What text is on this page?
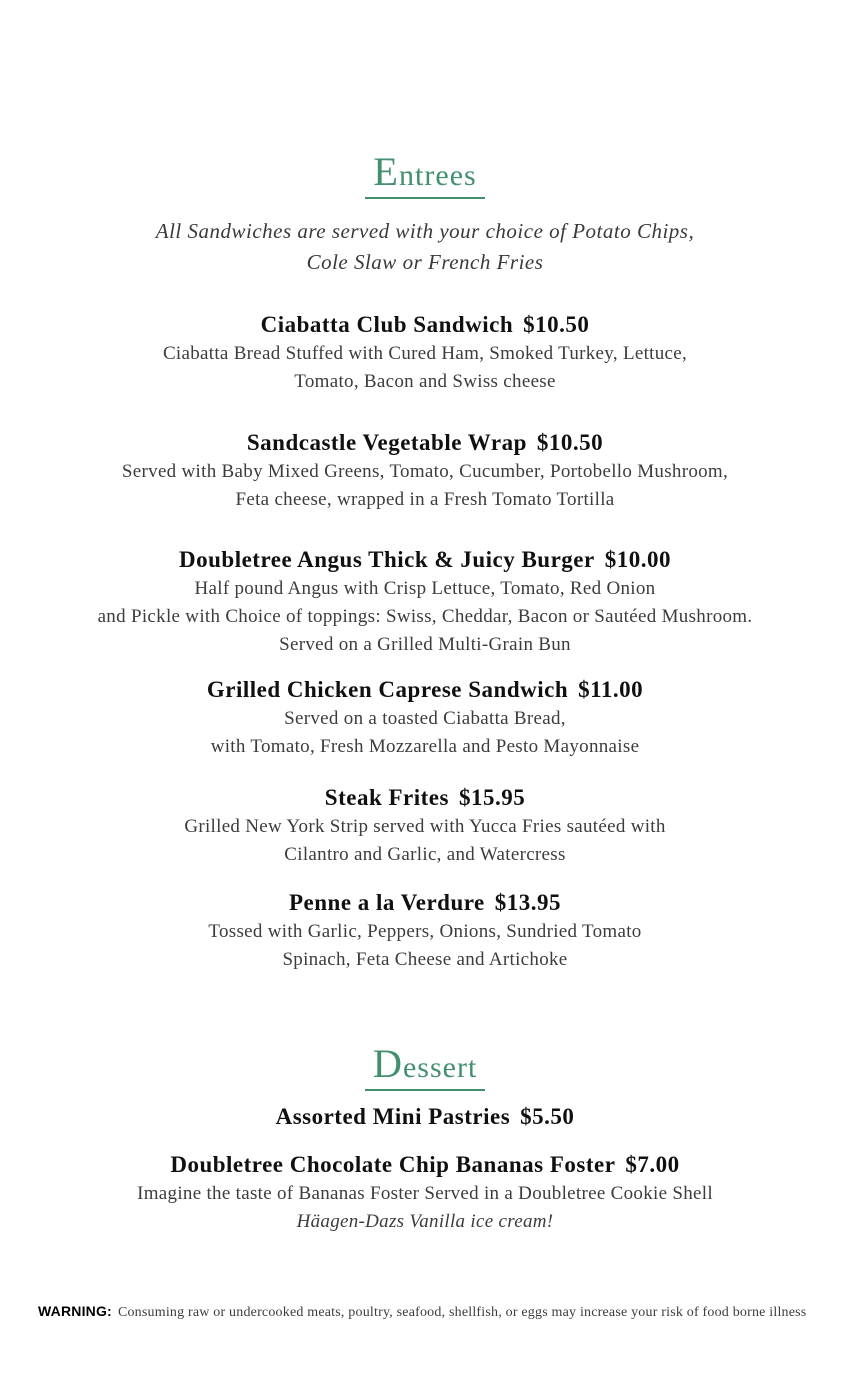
Entrees
All Sandwiches are served with your choice of Potato Chips,
Cole Slaw or French Fries
Ciabatta Club Sandwich $10.50
Ciabatta Bread Stuffed with Cured Ham, Smoked Turkey, Lettuce,
Tomato, Bacon and Swiss cheese
Sandcastle Vegetable Wrap $10.50
Served with Baby Mixed Greens, Tomato, Cucumber, Portobello Mushroom,
Feta cheese, wrapped in a Fresh Tomato Tortilla
Doubletree Angus Thick & Juicy Burger $10.00
Half pound Angus with Crisp Lettuce, Tomato, Red Onion
and Pickle with Choice of toppings: Swiss, Cheddar, Bacon or Sautéed Mushroom.
Served on a Grilled Multi-Grain Bun
Grilled Chicken Caprese Sandwich $11.00
Served on a toasted Ciabatta Bread,
with Tomato, Fresh Mozzarella and Pesto Mayonnaise
Steak Frites $15.95
Grilled New York Strip served with Yucca Fries sautéed with
Cilantro and Garlic, and Watercress
Penne a la Verdure $13.95
Tossed with Garlic, Peppers, Onions, Sundried Tomato
Spinach, Feta Cheese and Artichoke
Dessert
Assorted Mini Pastries $5.50
Doubletree Chocolate Chip Bananas Foster $7.00
Imagine the taste of Bananas Foster Served in a Doubletree Cookie Shell
Häagen-Dazs Vanilla ice cream!
WARNING: Consuming raw or undercooked meats, poultry, seafood, shellfish, or eggs may increase your risk of food borne illness
